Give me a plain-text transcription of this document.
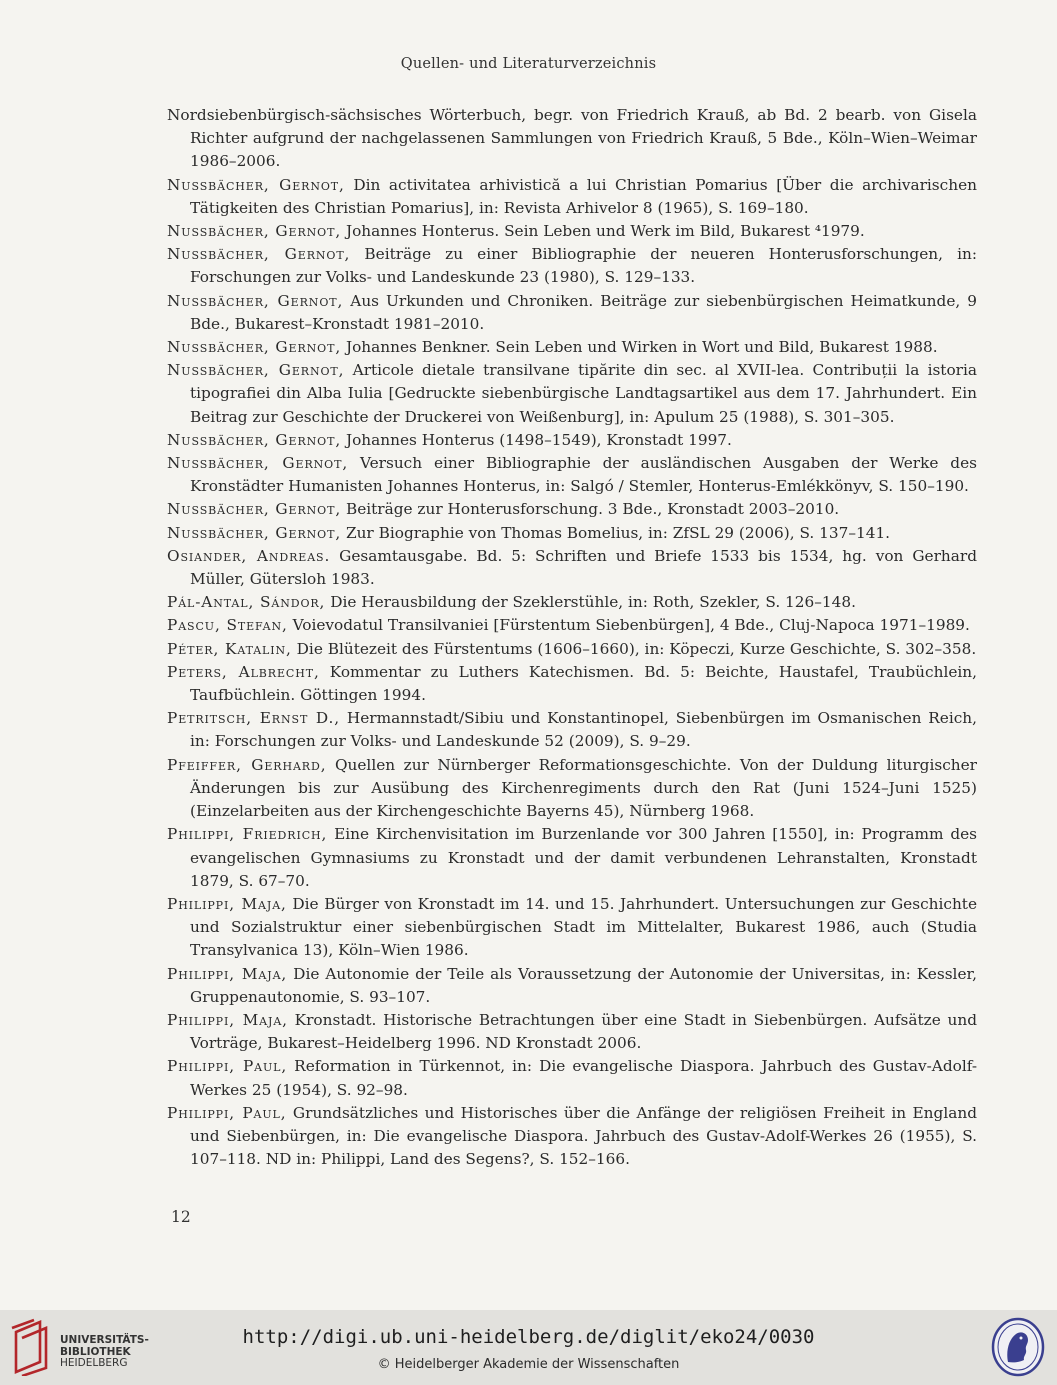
Quellen- und Literaturverzeichnis

Nordsiebenbürgisch-sächsisches Wörterbuch, begr. von Friedrich Krauß, ab Bd. 2 bearb. von Gisela Richter aufgrund der nachgelassenen Sammlungen von Friedrich Krauß, 5 Bde., Köln–Wien–Weimar 1986–2006.

Nussbächer, Gernot, Din activitatea arhivistică a lui Christian Pomarius [Über die archivarischen Tätigkeiten des Christian Pomarius], in: Revista Arhivelor 8 (1965), S. 169–180.

Nussbächer, Gernot, Johannes Honterus. Sein Leben und Werk im Bild, Bukarest ⁴1979.

Nussbächer, Gernot, Beiträge zu einer Bibliographie der neueren Honterusforschungen, in: Forschungen zur Volks- und Landeskunde 23 (1980), S. 129–133.

Nussbächer, Gernot, Aus Urkunden und Chroniken. Beiträge zur siebenbürgischen Heimatkunde, 9 Bde., Bukarest–Kronstadt 1981–2010.

Nussbächer, Gernot, Johannes Benkner. Sein Leben und Wirken in Wort und Bild, Bukarest 1988.

Nussbächer, Gernot, Articole dietale transilvane tipărite din sec. al XVII-lea. Contribuții la istoria tipografiei din Alba Iulia [Gedruckte siebenbürgische Landtagsartikel aus dem 17. Jahrhundert. Ein Beitrag zur Geschichte der Druckerei von Weißenburg], in: Apulum 25 (1988), S. 301–305.

Nussbächer, Gernot, Johannes Honterus (1498–1549), Kronstadt 1997.

Nussbächer, Gernot, Versuch einer Bibliographie der ausländischen Ausgaben der Werke des Kronstädter Humanisten Johannes Honterus, in: Salgó / Stemler, Honterus-Emlékkönyv, S. 150–190.

Nussbächer, Gernot, Beiträge zur Honterusforschung. 3 Bde., Kronstadt 2003–2010.

Nussbächer, Gernot, Zur Biographie von Thomas Bomelius, in: ZfSL 29 (2006), S. 137–141.

Osiander, Andreas. Gesamtausgabe. Bd. 5: Schriften und Briefe 1533 bis 1534, hg. von Gerhard Müller, Gütersloh 1983.

Pál-Antal, Sándor, Die Herausbildung der Szeklerstühle, in: Roth, Szekler, S. 126–148.

Pascu, Stefan, Voievodatul Transilvaniei [Fürstentum Siebenbürgen], 4 Bde., Cluj-Napoca 1971–1989.

Péter, Katalin, Die Blütezeit des Fürstentums (1606–1660), in: Köpeczi, Kurze Geschichte, S. 302–358.

Peters, Albrecht, Kommentar zu Luthers Katechismen. Bd. 5: Beichte, Haustafel, Traubüchlein, Taufbüchlein. Göttingen 1994.

Petritsch, Ernst D., Hermannstadt/Sibiu und Konstantinopel, Siebenbürgen im Osmanischen Reich, in: Forschungen zur Volks- und Landeskunde 52 (2009), S. 9–29.

Pfeiffer, Gerhard, Quellen zur Nürnberger Reformationsgeschichte. Von der Duldung liturgischer Änderungen bis zur Ausübung des Kirchenregiments durch den Rat (Juni 1524–Juni 1525) (Einzelarbeiten aus der Kirchengeschichte Bayerns 45), Nürnberg 1968.

Philippi, Friedrich, Eine Kirchenvisitation im Burzenlande vor 300 Jahren [1550], in: Programm des evangelischen Gymnasiums zu Kronstadt und der damit verbundenen Lehranstalten, Kronstadt 1879, S. 67–70.

Philippi, Maja, Die Bürger von Kronstadt im 14. und 15. Jahrhundert. Untersuchungen zur Geschichte und Sozialstruktur einer siebenbürgischen Stadt im Mittelalter, Bukarest 1986, auch (Studia Transylvanica 13), Köln–Wien 1986.

Philippi, Maja, Die Autonomie der Teile als Voraussetzung der Autonomie der Universitas, in: Kessler, Gruppenautonomie, S. 93–107.

Philippi, Maja, Kronstadt. Historische Betrachtungen über eine Stadt in Siebenbürgen. Aufsätze und Vorträge, Bukarest–Heidelberg 1996. ND Kronstadt 2006.

Philippi, Paul, Reformation in Türkennot, in: Die evangelische Diaspora. Jahrbuch des Gustav-Adolf-Werkes 25 (1954), S. 92–98.

Philippi, Paul, Grundsätzliches und Historisches über die Anfänge der religiösen Freiheit in England und Siebenbürgen, in: Die evangelische Diaspora. Jahrbuch des Gustav-Adolf-Werkes 26 (1955), S. 107–118. ND in: Philippi, Land des Segens?, S. 152–166.

12
UNIVERSITÄTS-
BIBLIOTHEK
HEIDELBERG
http://digi.ub.uni-heidelberg.de/diglit/eko24/0030
© Heidelberger Akademie der Wissenschaften
